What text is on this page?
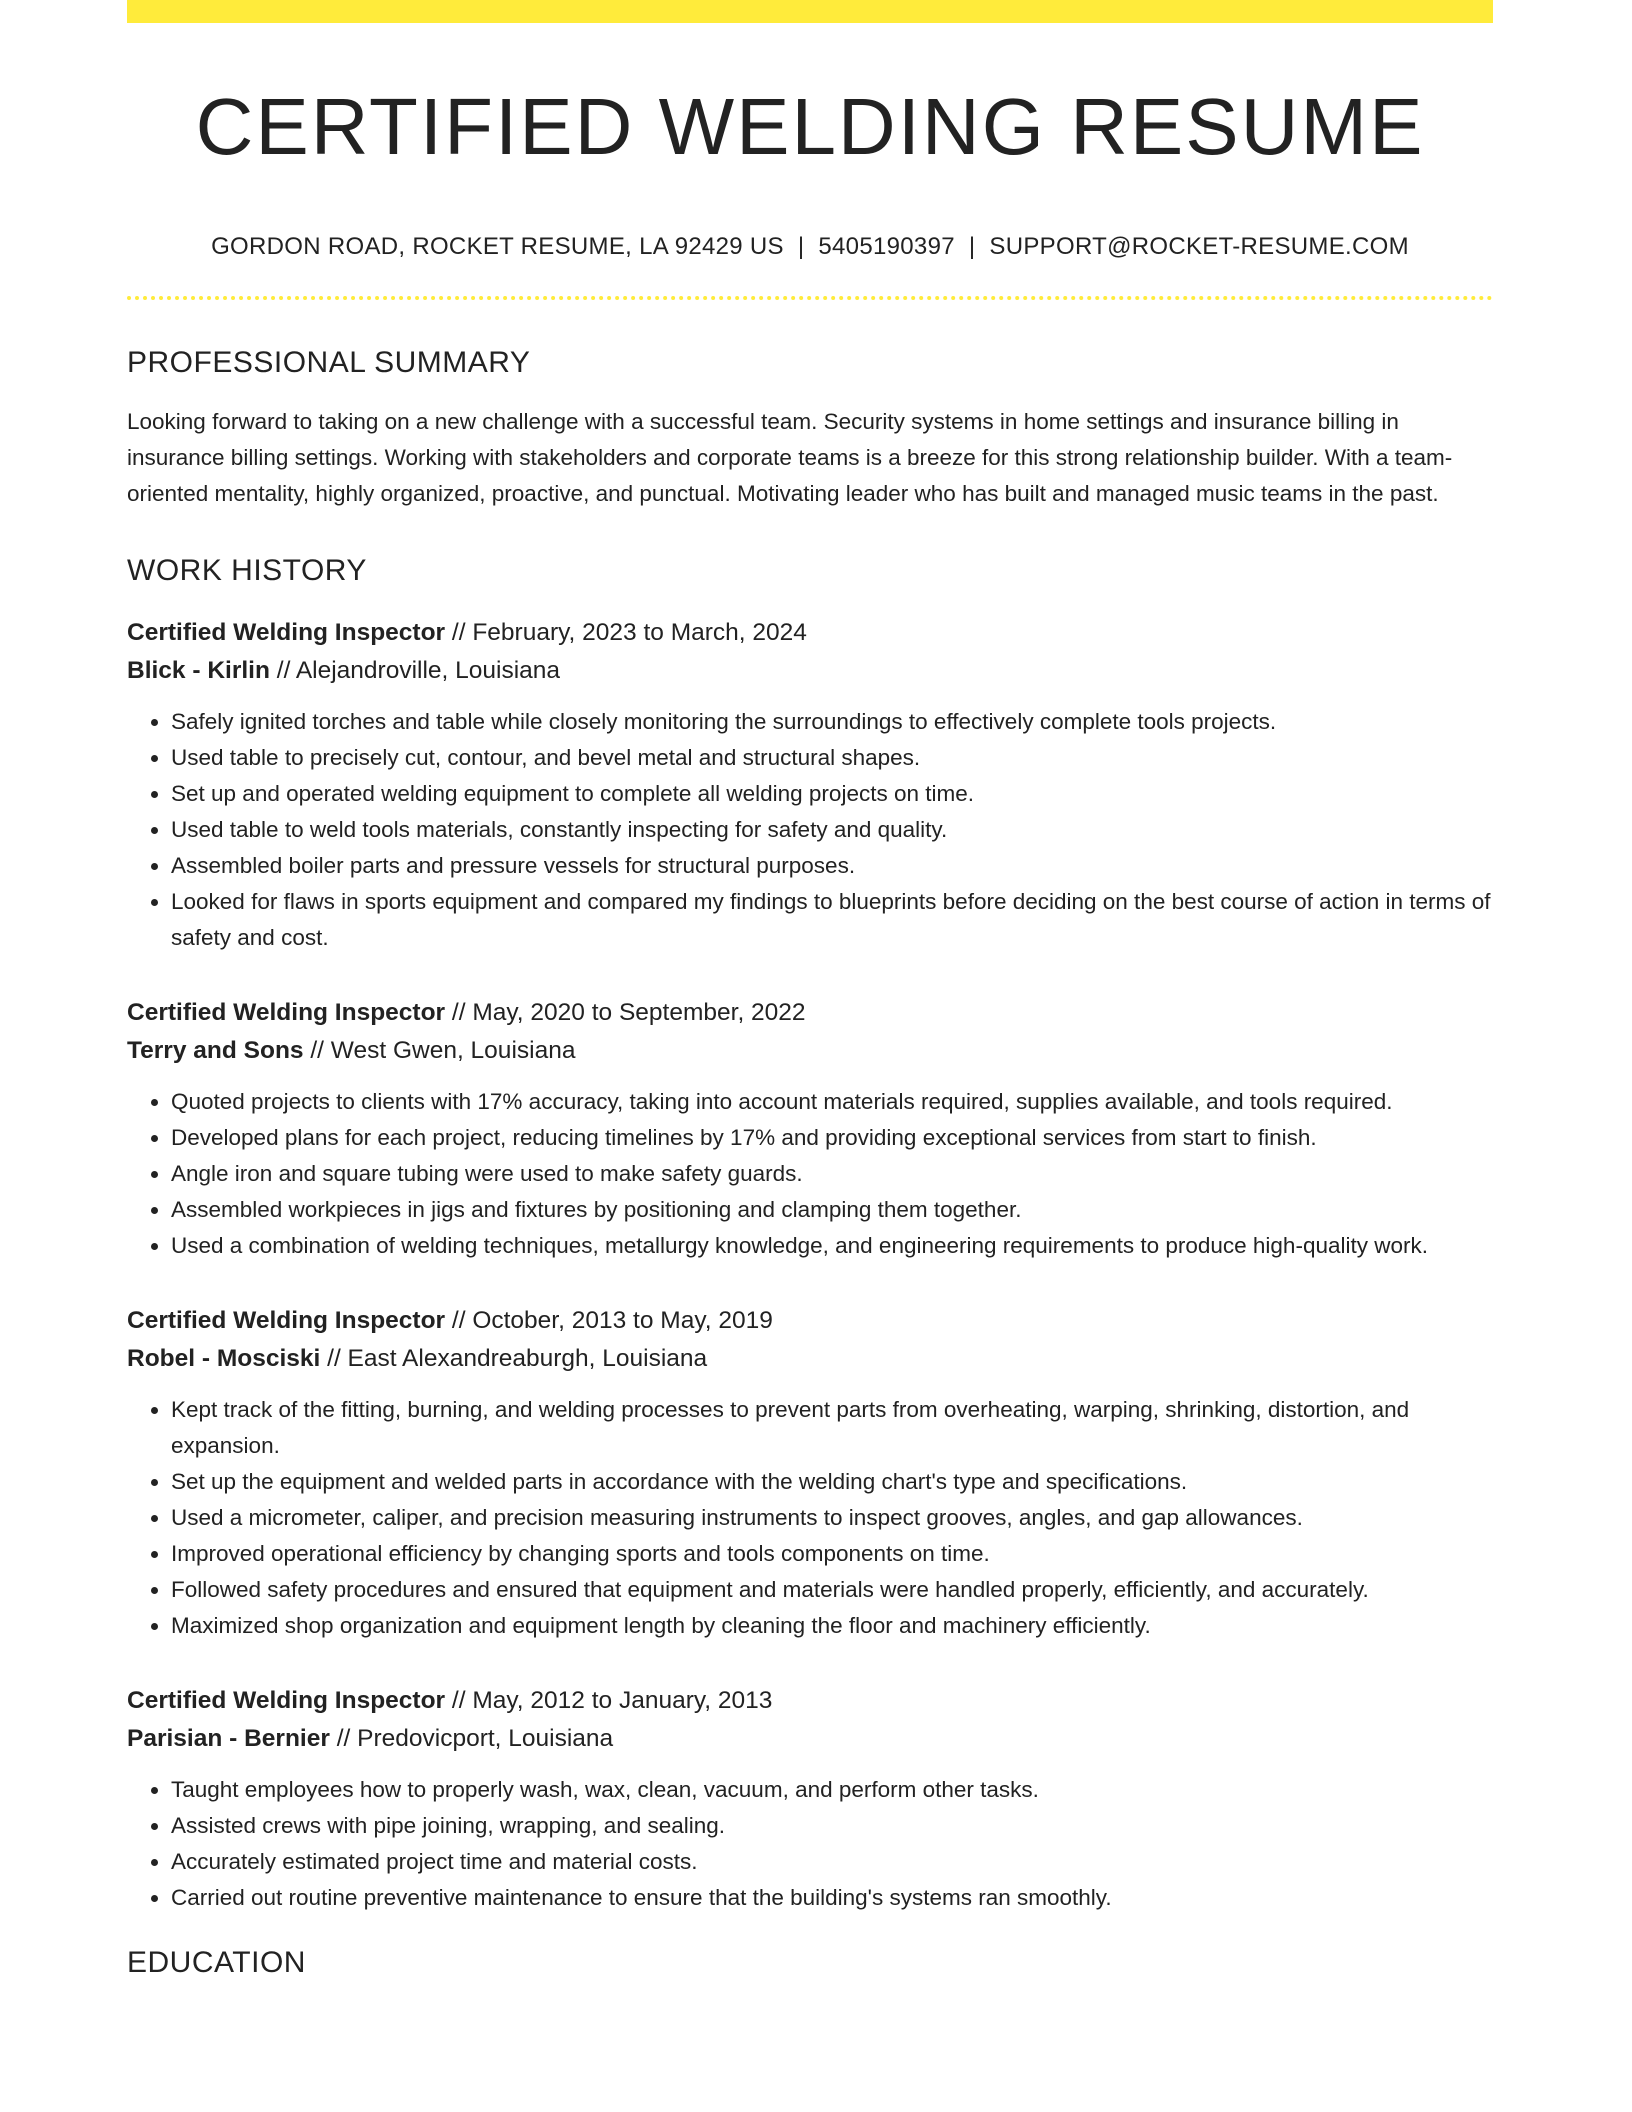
CERTIFIED WELDING RESUME
GORDON ROAD, ROCKET RESUME, LA 92429 US | 5405190397 | SUPPORT@ROCKET-RESUME.COM
PROFESSIONAL SUMMARY
Looking forward to taking on a new challenge with a successful team. Security systems in home settings and insurance billing in insurance billing settings. Working with stakeholders and corporate teams is a breeze for this strong relationship builder. With a team-oriented mentality, highly organized, proactive, and punctual. Motivating leader who has built and managed music teams in the past.
WORK HISTORY
Certified Welding Inspector // February, 2023 to March, 2024
Blick - Kirlin // Alejandroville, Louisiana
• Safely ignited torches and table while closely monitoring the surroundings to effectively complete tools projects.
• Used table to precisely cut, contour, and bevel metal and structural shapes.
• Set up and operated welding equipment to complete all welding projects on time.
• Used table to weld tools materials, constantly inspecting for safety and quality.
• Assembled boiler parts and pressure vessels for structural purposes.
• Looked for flaws in sports equipment and compared my findings to blueprints before deciding on the best course of action in terms of safety and cost.
Certified Welding Inspector // May, 2020 to September, 2022
Terry and Sons // West Gwen, Louisiana
• Quoted projects to clients with 17% accuracy, taking into account materials required, supplies available, and tools required.
• Developed plans for each project, reducing timelines by 17% and providing exceptional services from start to finish.
• Angle iron and square tubing were used to make safety guards.
• Assembled workpieces in jigs and fixtures by positioning and clamping them together.
• Used a combination of welding techniques, metallurgy knowledge, and engineering requirements to produce high-quality work.
Certified Welding Inspector // October, 2013 to May, 2019
Robel - Mosciski // East Alexandreaburgh, Louisiana
• Kept track of the fitting, burning, and welding processes to prevent parts from overheating, warping, shrinking, distortion, and expansion.
• Set up the equipment and welded parts in accordance with the welding chart's type and specifications.
• Used a micrometer, caliper, and precision measuring instruments to inspect grooves, angles, and gap allowances.
• Improved operational efficiency by changing sports and tools components on time.
• Followed safety procedures and ensured that equipment and materials were handled properly, efficiently, and accurately.
• Maximized shop organization and equipment length by cleaning the floor and machinery efficiently.
Certified Welding Inspector // May, 2012 to January, 2013
Parisian - Bernier // Predovicport, Louisiana
• Taught employees how to properly wash, wax, clean, vacuum, and perform other tasks.
• Assisted crews with pipe joining, wrapping, and sealing.
• Accurately estimated project time and material costs.
• Carried out routine preventive maintenance to ensure that the building's systems ran smoothly.
EDUCATION
